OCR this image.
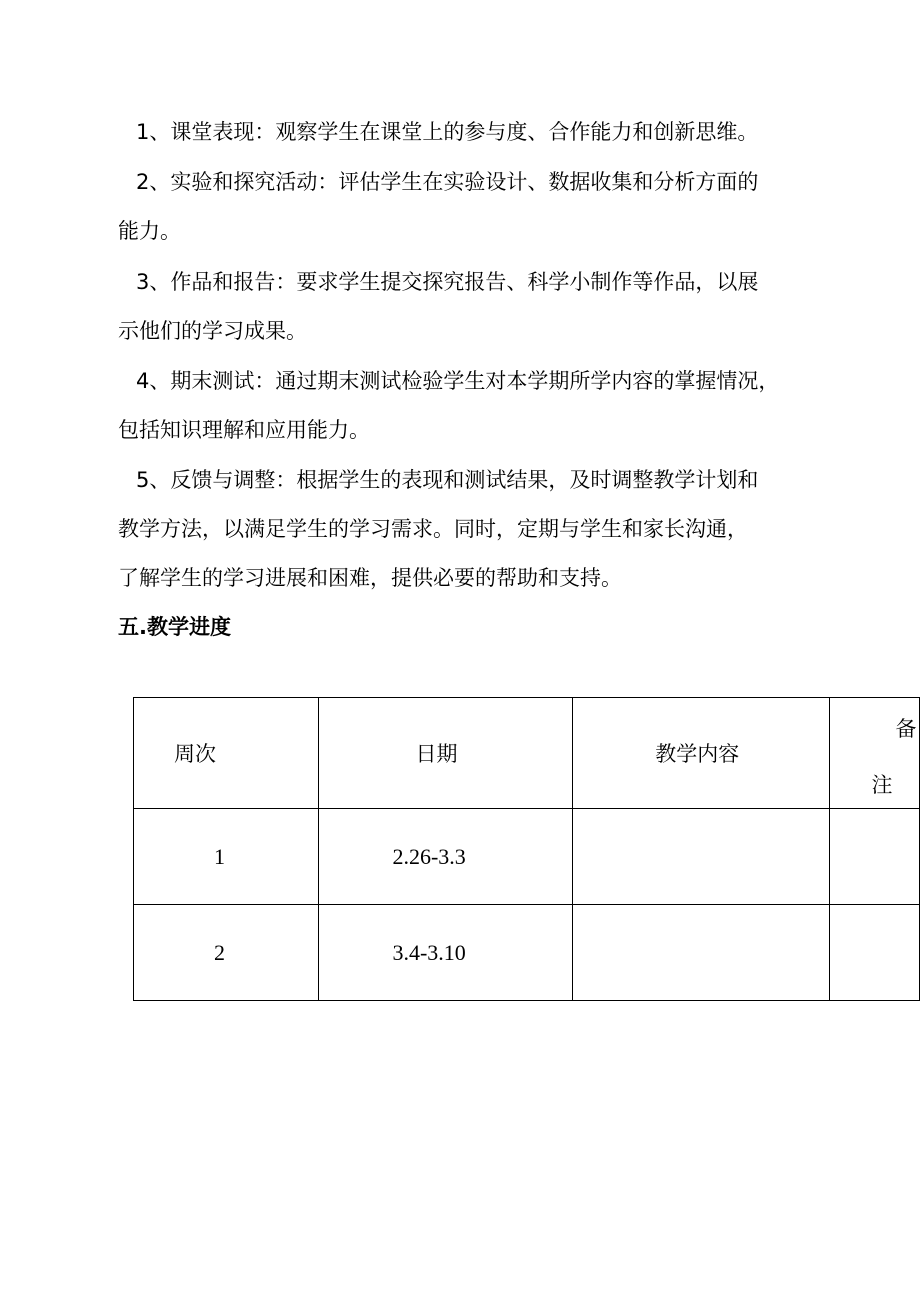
1、课堂表现：观察学生在课堂上的参与度、合作能力和创新思维。

2、实验和探究活动：评估学生在实验设计、数据收集和分析方面的
能力。

3、作品和报告：要求学生提交探究报告、科学小制作等作品，以展
示他们的学习成果。

4、期末测试：通过期末测试检验学生对本学期所学内容的掌握情况，
包括知识理解和应用能力。

5、反馈与调整：根据学生的表现和测试结果，及时调整教学计划和
教学方法，以满足学生的学习需求。同时，定期与学生和家长沟通，
了解学生的学习进展和困难，提供必要的帮助和支持。

五.教学进度
周次	日期	教学内容	备
注

1	2.26-3.3		
2	3.4-3.10		
